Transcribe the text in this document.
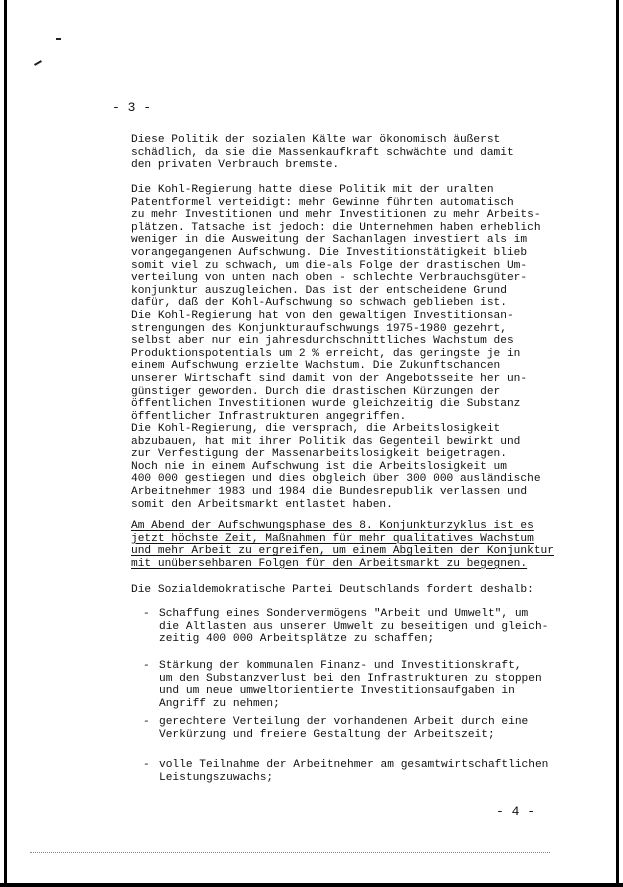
- 3 -

Diese Politik der sozialen Kälte war ökonomisch äußerst
schädlich, da sie die Massenkaufkraft schwächte und damit
den privaten Verbrauch bremste.

Die Kohl-Regierung hatte diese Politik mit der uralten
Patentformel verteidigt: mehr Gewinne führten automatisch
zu mehr Investitionen und mehr Investitionen zu mehr Arbeits-
plätzen. Tatsache ist jedoch: die Unternehmen haben erheblich
weniger in die Ausweitung der Sachanlagen investiert als im
vorangegangenen Aufschwung. Die Investitionstätigkeit blieb
somit viel zu schwach, um die-als Folge der drastischen Um-
verteilung von unten nach oben - schlechte Verbrauchsgüter-
konjunktur auszugleichen. Das ist der entscheidene Grund
dafür, daß der Kohl-Aufschwung so schwach geblieben ist.
Die Kohl-Regierung hat von den gewaltigen Investitionsan-
strengungen des Konjunkturaufschwungs 1975-1980 gezehrt,
selbst aber nur ein jahresdurchschnittliches Wachstum des
Produktionspotentials um 2 % erreicht, das geringste je in
einem Aufschwung erzielte Wachstum. Die Zukunftschancen
unserer Wirtschaft sind damit von der Angebotsseite her un-
günstiger geworden. Durch die drastischen Kürzungen der
öffentlichen Investitionen wurde gleichzeitig die Substanz
öffentlicher Infrastrukturen angegriffen.

Die Kohl-Regierung, die versprach, die Arbeitslosigkeit
abzubauen, hat mit ihrer Politik das Gegenteil bewirkt und
zur Verfestigung der Massenarbeitslosigkeit beigetragen.
Noch nie in einem Aufschwung ist die Arbeitslosigkeit um
400 000 gestiegen und dies obgleich über 300 000 ausländische
Arbeitnehmer 1983 und 1984 die Bundesrepublik verlassen und
somit den Arbeitsmarkt entlastet haben.

Am Abend der Aufschwungsphase des 8. Konjunkturzyklus ist es
jetzt höchste Zeit, Maßnahmen für mehr qualitatives Wachstum
und mehr Arbeit zu ergreifen, um einem Abgleiten der Konjunktur
mit unübersehbaren Folgen für den Arbeitsmarkt zu begegnen.

Die Sozialdemokratische Partei Deutschlands fordert deshalb:

- Schaffung eines Sondervermögens "Arbeit und Umwelt", um
die Altlasten aus unserer Umwelt zu beseitigen und gleich-
zeitig 400 000 Arbeitsplätze zu schaffen;

- Stärkung der kommunalen Finanz- und Investitionskraft,
um den Substanzverlust bei den Infrastrukturen zu stoppen
und um neue umweltorientierte Investitionsaufgaben in
Angriff zu nehmen;

- gerechtere Verteilung der vorhandenen Arbeit durch eine
Verkürzung und freiere Gestaltung der Arbeitszeit;

- volle Teilnahme der Arbeitnehmer am gesamtwirtschaftlichen
Leistungszuwachs;

- 4 -
